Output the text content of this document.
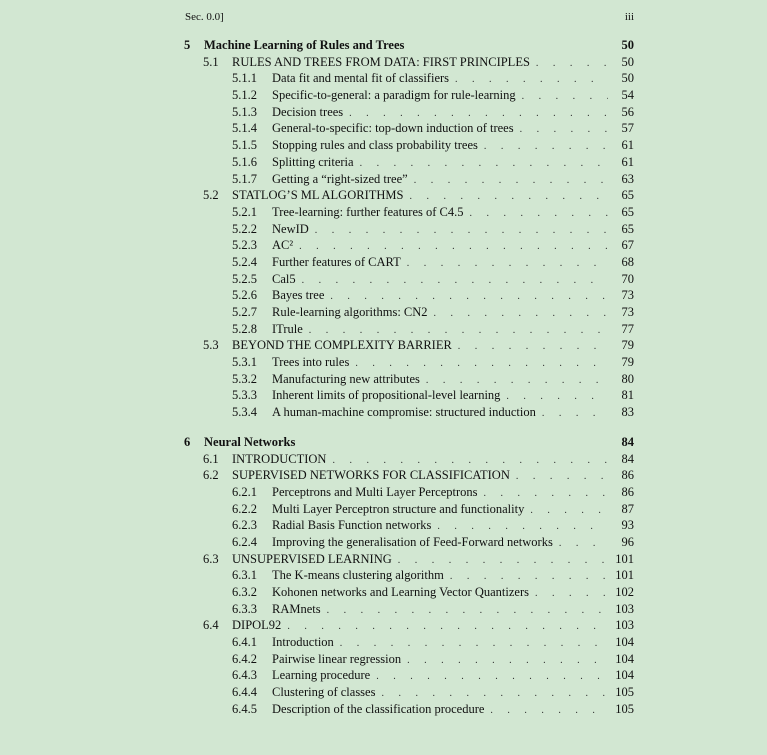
Sec. 0.0]	iii
5	Machine Learning of Rules and Trees	50
5.1	RULES AND TREES FROM DATA: FIRST PRINCIPLES . . .	50
5.1.1	Data fit and mental fit of classifiers . . .	50
5.1.2	Specific-to-general: a paradigm for rule-learning . . .	54
5.1.3	Decision trees . . .	56
5.1.4	General-to-specific: top-down induction of trees . . .	57
5.1.5	Stopping rules and class probability trees . . .	61
5.1.6	Splitting criteria . . .	61
5.1.7	Getting a “right-sized tree” . . .	63
5.2	STATLOG’S ML ALGORITHMS . . .	65
5.2.1	Tree-learning: further features of C4.5 . . .	65
5.2.2	NewID . . .	65
5.2.3	AC² . . .	67
5.2.4	Further features of CART . . .	68
5.2.5	Cal5 . . .	70
5.2.6	Bayes tree . . .	73
5.2.7	Rule-learning algorithms: CN2 . . .	73
5.2.8	ITrule . . .	77
5.3	BEYOND THE COMPLEXITY BARRIER . . .	79
5.3.1	Trees into rules . . .	79
5.3.2	Manufacturing new attributes . . .	80
5.3.3	Inherent limits of propositional-level learning . . .	81
5.3.4	A human-machine compromise: structured induction . . .	83
6	Neural Networks	84
6.1	INTRODUCTION . . .	84
6.2	SUPERVISED NETWORKS FOR CLASSIFICATION . . .	86
6.2.1	Perceptrons and Multi Layer Perceptrons . . .	86
6.2.2	Multi Layer Perceptron structure and functionality . . .	87
6.2.3	Radial Basis Function networks . . .	93
6.2.4	Improving the generalisation of Feed-Forward networks . . .	96
6.3	UNSUPERVISED LEARNING . . .	101
6.3.1	The K-means clustering algorithm . . .	101
6.3.2	Kohonen networks and Learning Vector Quantizers . . .	102
6.3.3	RAMnets . . .	103
6.4	DIPOL92 . . .	103
6.4.1	Introduction . . .	104
6.4.2	Pairwise linear regression . . .	104
6.4.3	Learning procedure . . .	104
6.4.4	Clustering of classes . . .	105
6.4.5	Description of the classification procedure . . .	105
